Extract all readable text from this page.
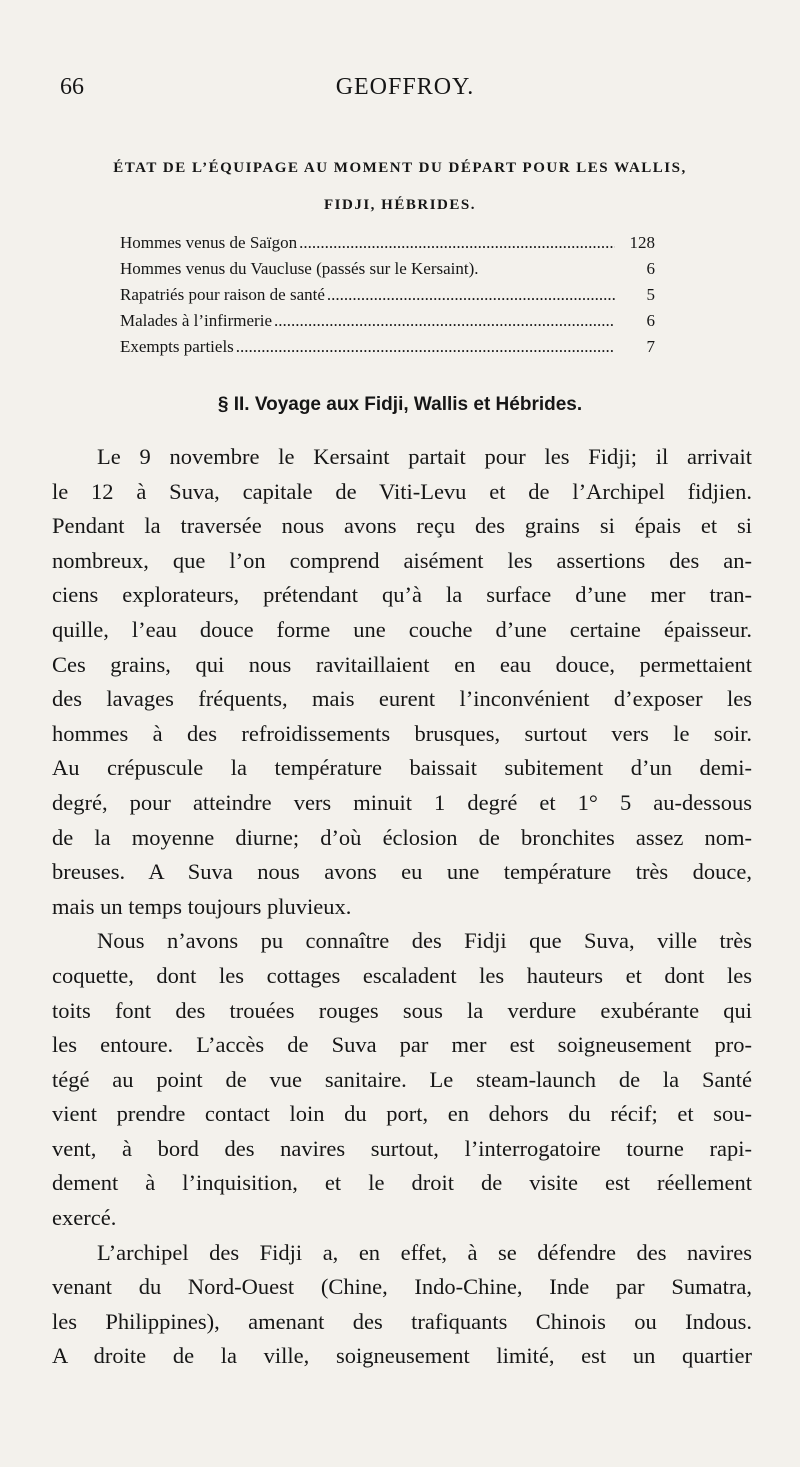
66	GEOFFROY.
ÉTAT DE L’ÉQUIPAGE AU MOMENT DU DÉPART POUR LES WALLIS,
FIDJI, HÉBRIDES.
Hommes venus de Saïgon .....	128
Hommes venus du Vaucluse (passés sur le Kersaint).	6
Rapatriés pour raison de santé .....	5
Malades à l’infirmerie .....	6
Exempts partiels .....	7
§ II. Voyage aux Fidji, Wallis et Hébrides.

Le 9 novembre le Kersaint partait pour les Fidji; il arrivait
le 12 à Suva, capitale de Viti-Levu et de l’Archipel fidjien.
Pendant la traversée nous avons reçu des grains si épais et si
nombreux, que l’on comprend aisément les assertions des an-
ciens explorateurs, prétendant qu’à la surface d’une mer tran-
quille, l’eau douce forme une couche d’une certaine épaisseur.
Ces grains, qui nous ravitaillaient en eau douce, permettaient
des lavages fréquents, mais eurent l’inconvénient d’exposer les
hommes à des refroidissements brusques, surtout vers le soir.
Au crépuscule la température baissait subitement d’un demi-
degré, pour atteindre vers minuit 1 degré et 1° 5 au-dessous
de la moyenne diurne; d’où éclosion de bronchites assez nom-
breuses. A Suva nous avons eu une température très douce,
mais un temps toujours pluvieux.

Nous n’avons pu connaître des Fidji que Suva, ville très
coquette, dont les cottages escaladent les hauteurs et dont les
toits font des trouées rouges sous la verdure exubérante qui
les entoure. L’accès de Suva par mer est soigneusement pro-
tégé au point de vue sanitaire. Le steam-launch de la Santé
vient prendre contact loin du port, en dehors du récif; et sou-
vent, à bord des navires surtout, l’interrogatoire tourne rapi-
dement à l’inquisition, et le droit de visite est réellement
exercé.

L’archipel des Fidji a, en effet, à se défendre des navires
venant du Nord-Ouest (Chine, Indo-Chine, Inde par Sumatra,
les Philippines), amenant des trafiquants Chinois ou Indous.
A droite de la ville, soigneusement limité, est un quartier
